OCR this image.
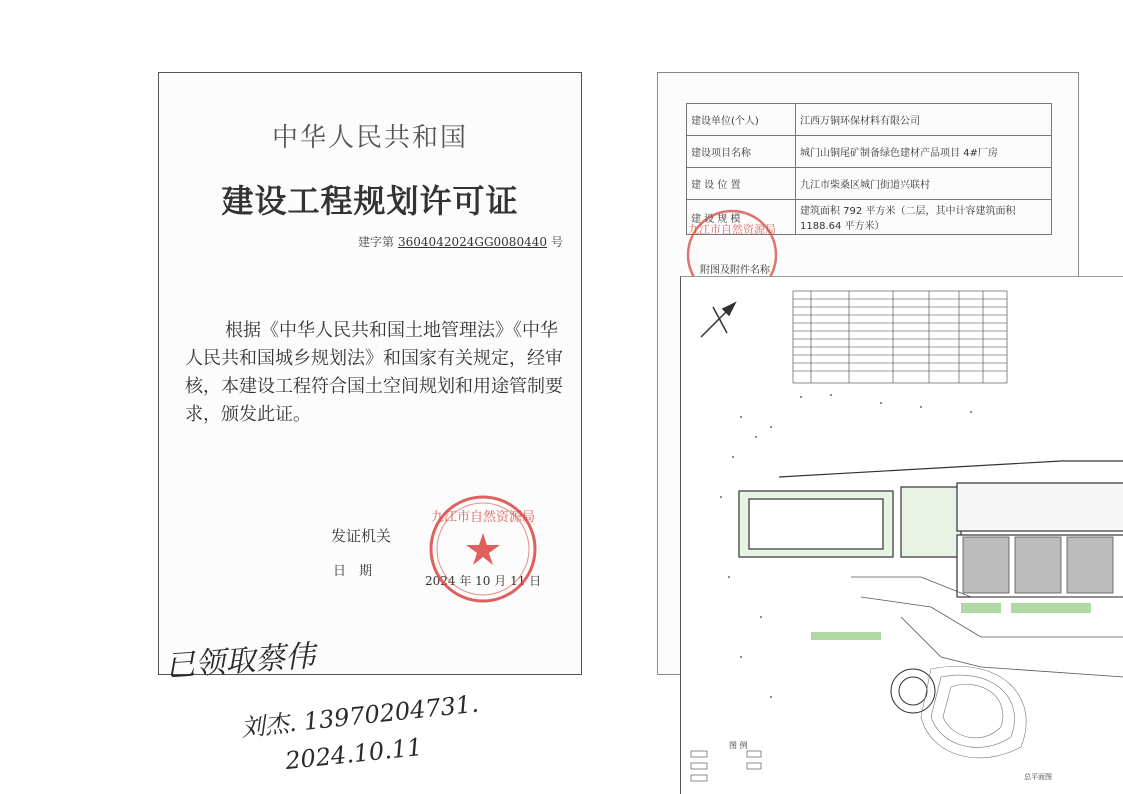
中华人民共和国
建设工程规划许可证
建字第 3604042024GG0080440 号
根据《中华人民共和国土地管理法》《中华人民共和国城乡规划法》和国家有关规定，经审核，本建设工程符合国土空间规划和用途管制要求，颁发此证。
发证机关
日　期
2024 年 10 月 11 日
九江市自然资源局
已领取蔡伟
刘杰. 13970204731.
2024.10.11
建设单位(个人)	江西万铜环保材料有限公司
建设项目名称	城门山铜尾矿制备绿色建材产品项目 4#厂房
建 设 位 置	九江市柴桑区城门街道兴联村
建 设 规 模	建筑面积 792 平方米（二层，其中计容建筑面积 1188.64 平方米）
附图及附件名称
九江市自然资源局
图 例
总平面图
